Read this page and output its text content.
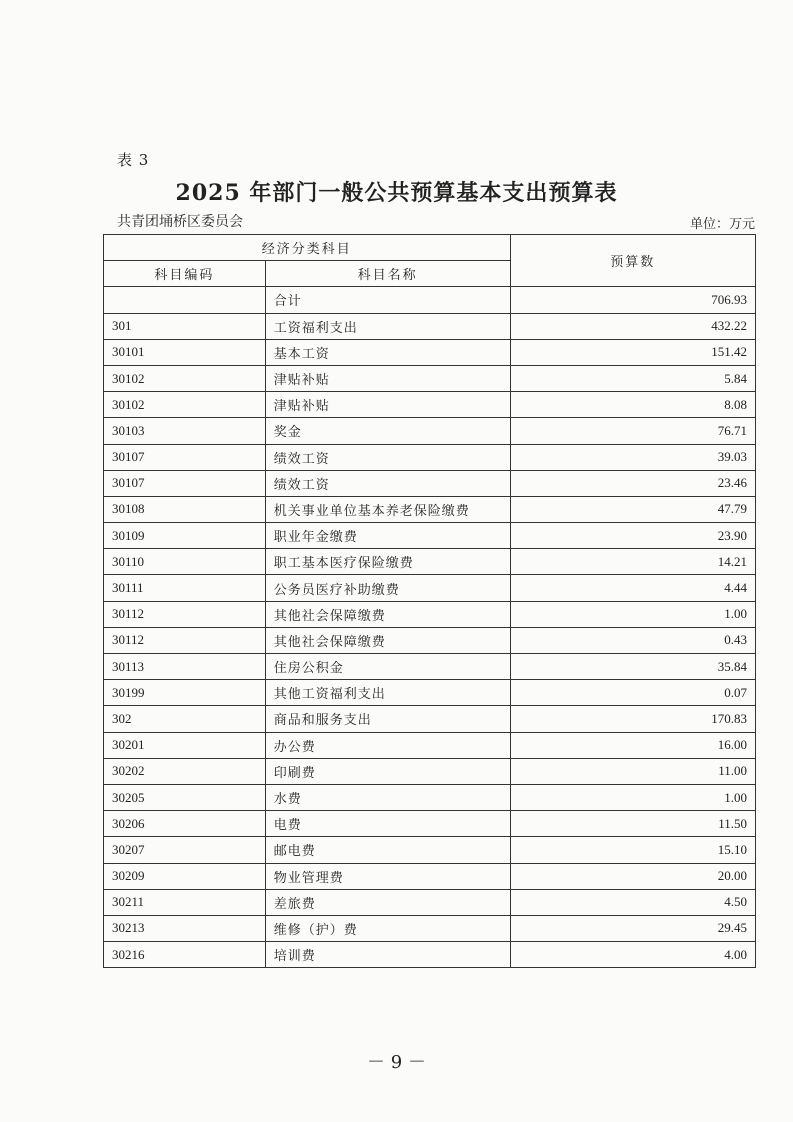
表 3
2025 年部门一般公共预算基本支出预算表
共青团埇桥区委员会	单位：万元
经济分类科目		预算数
科目编码	科目名称	
	合计	706.93
301	工资福利支出	432.22
30101	基本工资	151.42
30102	津贴补贴	5.84
30102	津贴补贴	8.08
30103	奖金	76.71
30107	绩效工资	39.03
30107	绩效工资	23.46
30108	机关事业单位基本养老保险缴费	47.79
30109	职业年金缴费	23.90
30110	职工基本医疗保险缴费	14.21
30111	公务员医疗补助缴费	4.44
30112	其他社会保障缴费	1.00
30112	其他社会保障缴费	0.43
30113	住房公积金	35.84
30199	其他工资福利支出	0.07
302	商品和服务支出	170.83
30201	办公费	16.00
30202	印刷费	11.00
30205	水费	1.00
30206	电费	11.50
30207	邮电费	15.10
30209	物业管理费	20.00
30211	差旅费	4.50
30213	维修（护）费	29.45
30216	培训费	4.00
－ 9 －
